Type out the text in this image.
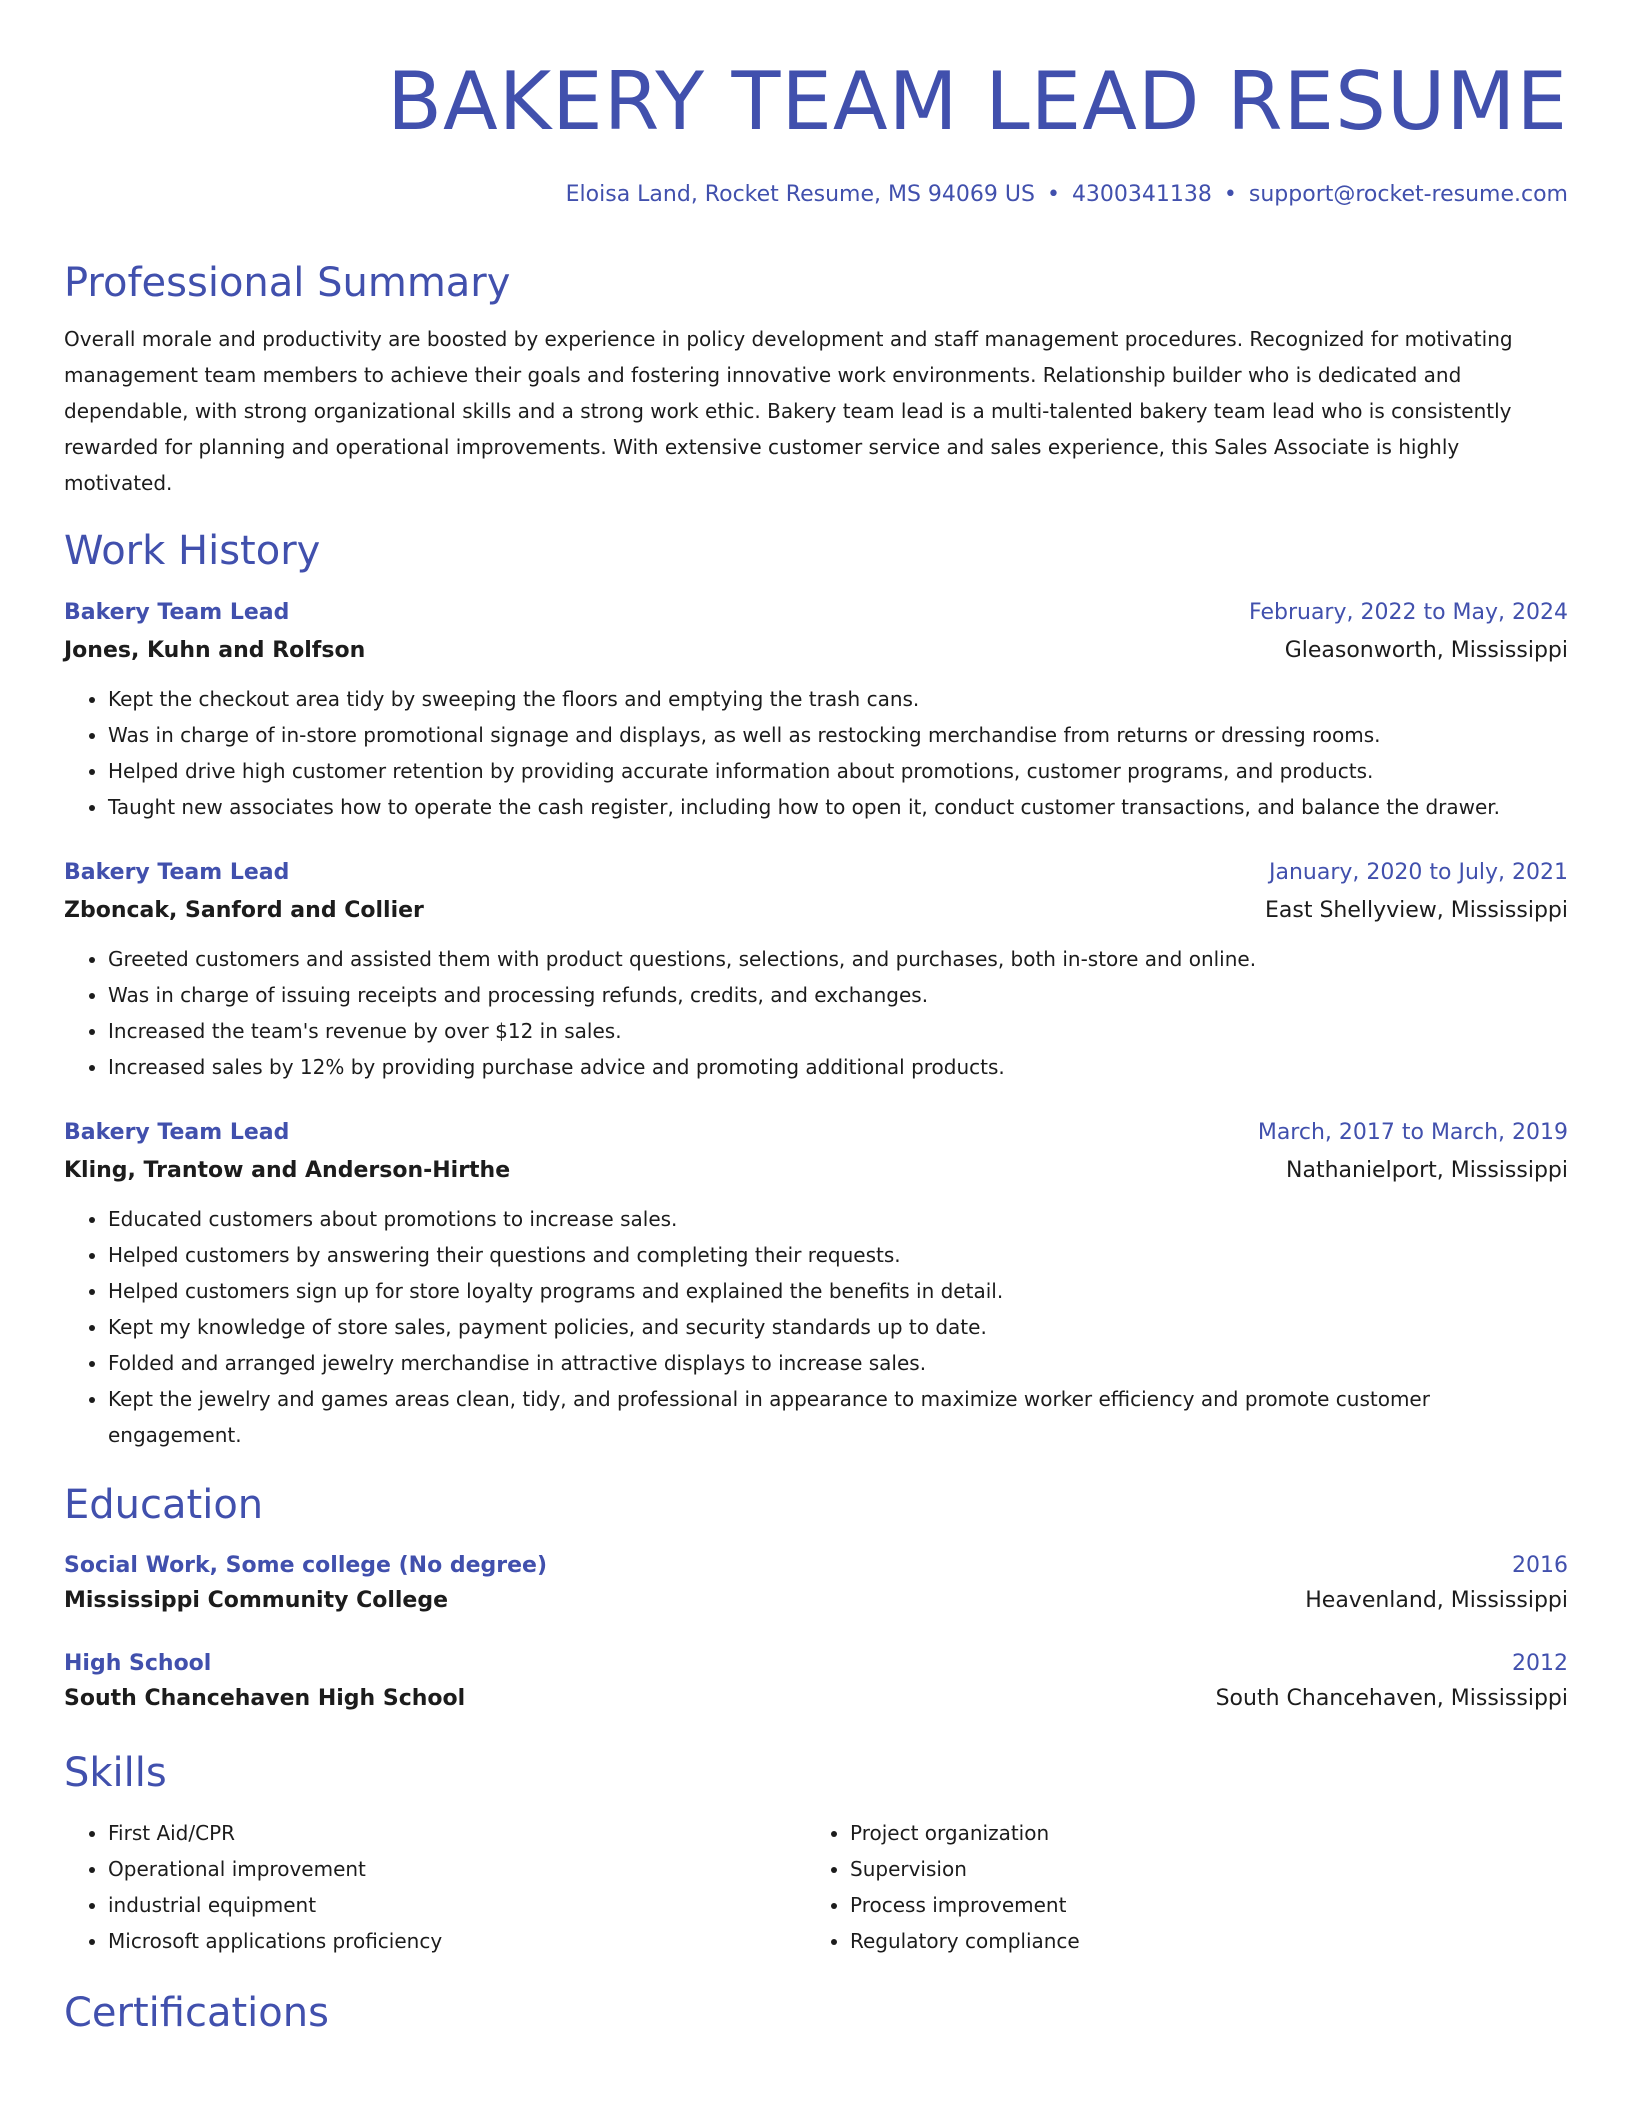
BAKERY TEAM LEAD RESUME
Eloisa Land, Rocket Resume, MS 94069 US • 4300341138 • support@rocket-resume.com
Professional Summary
Overall morale and productivity are boosted by experience in policy development and staff management procedures. Recognized for motivating management team members to achieve their goals and fostering innovative work environments. Relationship builder who is dedicated and dependable, with strong organizational skills and a strong work ethic. Bakery team lead is a multi-talented bakery team lead who is consistently rewarded for planning and operational improvements. With extensive customer service and sales experience, this Sales Associate is highly motivated.
Work History
Bakery Team Lead	February, 2022 to May, 2024
Jones, Kuhn and Rolfson	Gleasonworth, Mississippi
• Kept the checkout area tidy by sweeping the floors and emptying the trash cans.
• Was in charge of in-store promotional signage and displays, as well as restocking merchandise from returns or dressing rooms.
• Helped drive high customer retention by providing accurate information about promotions, customer programs, and products.
• Taught new associates how to operate the cash register, including how to open it, conduct customer transactions, and balance the drawer.
Bakery Team Lead	January, 2020 to July, 2021
Zboncak, Sanford and Collier	East Shellyview, Mississippi
• Greeted customers and assisted them with product questions, selections, and purchases, both in-store and online.
• Was in charge of issuing receipts and processing refunds, credits, and exchanges.
• Increased the team's revenue by over $12 in sales.
• Increased sales by 12% by providing purchase advice and promoting additional products.
Bakery Team Lead	March, 2017 to March, 2019
Kling, Trantow and Anderson-Hirthe	Nathanielport, Mississippi
• Educated customers about promotions to increase sales.
• Helped customers by answering their questions and completing their requests.
• Helped customers sign up for store loyalty programs and explained the benefits in detail.
• Kept my knowledge of store sales, payment policies, and security standards up to date.
• Folded and arranged jewelry merchandise in attractive displays to increase sales.
• Kept the jewelry and games areas clean, tidy, and professional in appearance to maximize worker efficiency and promote customer engagement.
Education
Social Work, Some college (No degree)	2016
Mississippi Community College	Heavenland, Mississippi
High School	2012
South Chancehaven High School	South Chancehaven, Mississippi
Skills
• First Aid/CPR
• Operational improvement
• industrial equipment
• Microsoft applications proficiency
• Project organization
• Supervision
• Process improvement
• Regulatory compliance
Certifications
